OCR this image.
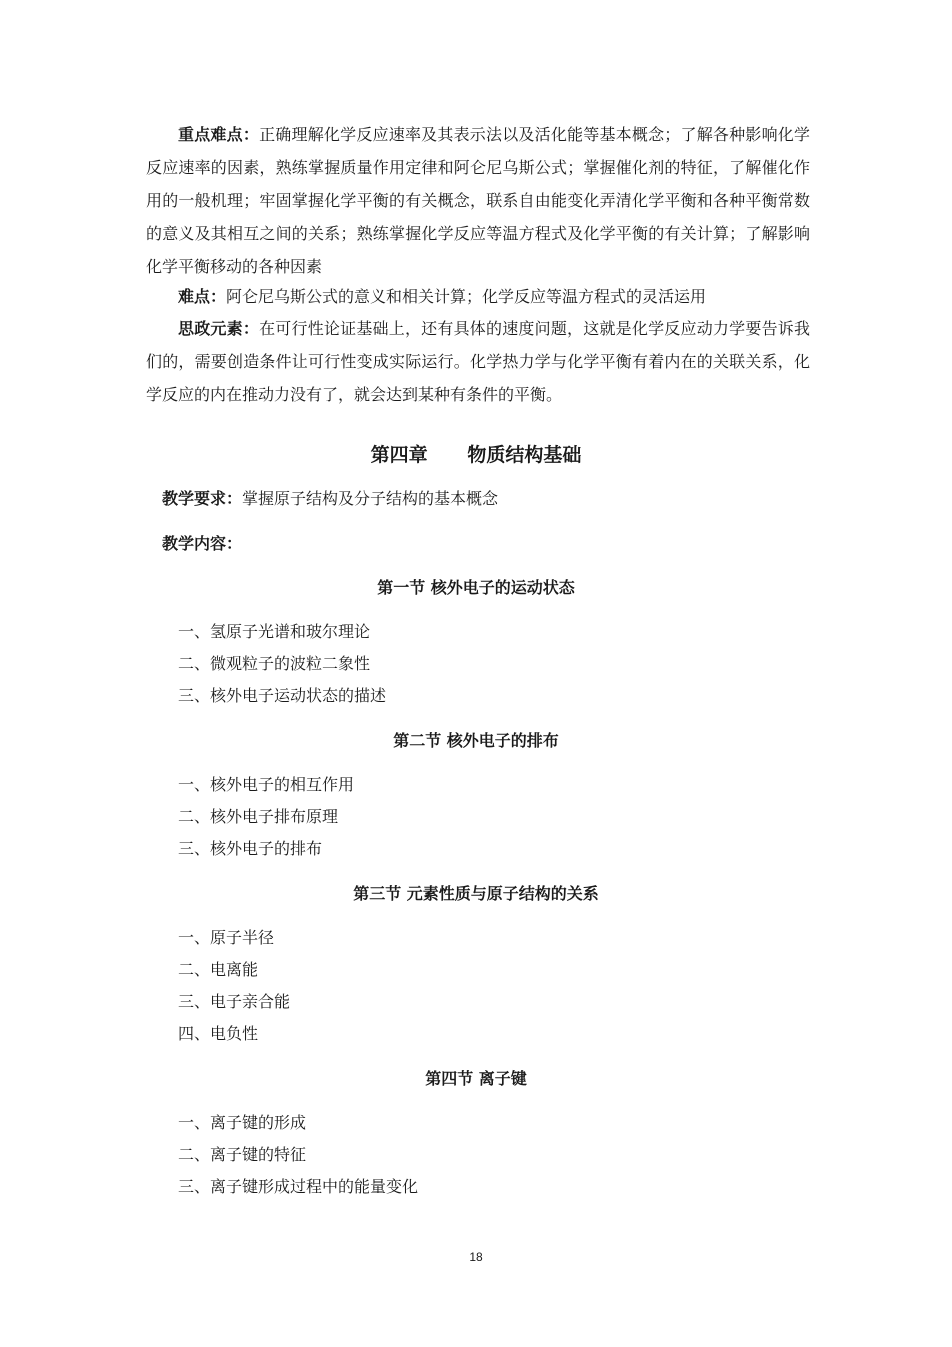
重点难点：正确理解化学反应速率及其表示法以及活化能等基本概念；了解各种影响化学反应速率的因素，熟练掌握质量作用定律和阿仑尼乌斯公式；掌握催化剂的特征，了解催化作用的一般机理；牢固掌握化学平衡的有关概念，联系自由能变化弄清化学平衡和各种平衡常数的意义及其相互之间的关系；熟练掌握化学反应等温方程式及化学平衡的有关计算；了解影响化学平衡移动的各种因素

难点：阿仑尼乌斯公式的意义和相关计算；化学反应等温方程式的灵活运用

思政元素：在可行性论证基础上，还有具体的速度问题，这就是化学反应动力学要告诉我们的，需要创造条件让可行性变成实际运行。化学热力学与化学平衡有着内在的关联关系，化学反应的内在推动力没有了，就会达到某种有条件的平衡。

第四章      物质结构基础
教学要求：掌握原子结构及分子结构的基本概念
教学内容：
第一节 核外电子的运动状态

一、氢原子光谱和玻尔理论

二、微观粒子的波粒二象性

三、核外电子运动状态的描述

第二节 核外电子的排布

一、核外电子的相互作用

二、核外电子排布原理

三、核外电子的排布

第三节 元素性质与原子结构的关系

一、原子半径

二、电离能

三、电子亲合能

四、电负性

第四节 离子键

一、离子键的形成

二、离子键的特征

三、离子键形成过程中的能量变化

18
